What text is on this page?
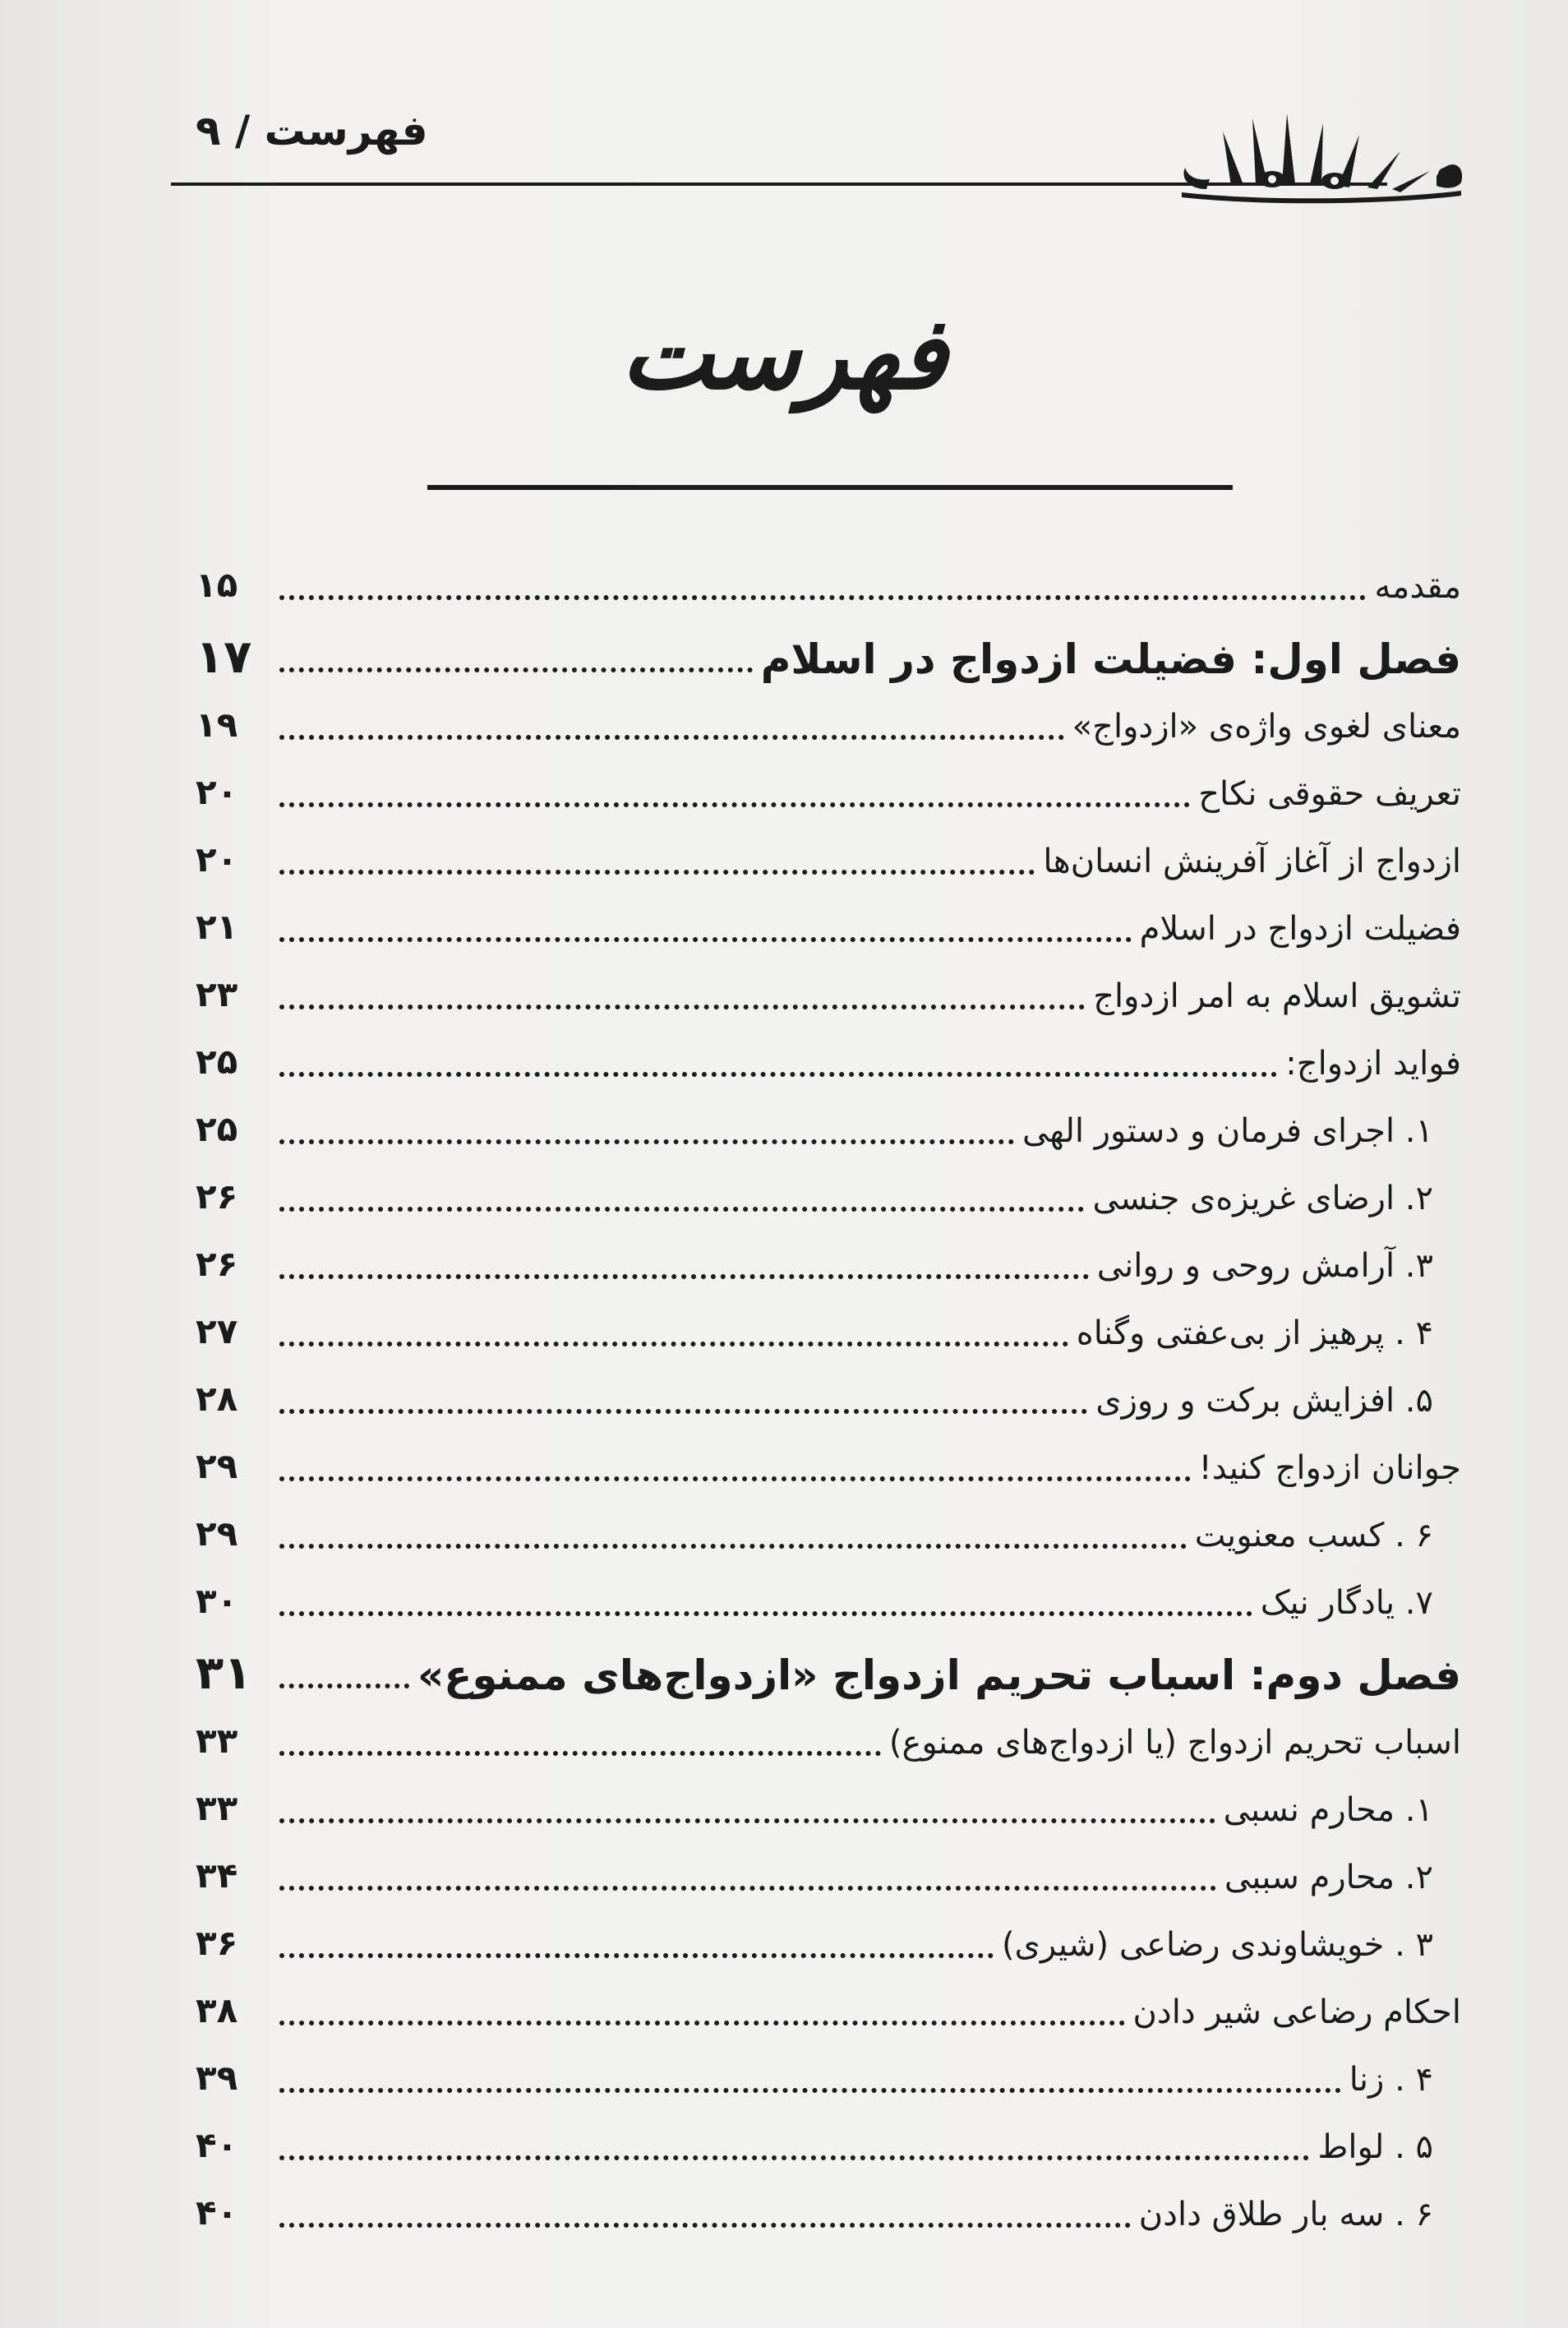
فهرست / ۹
فهرست
مقدمه
۱۵
فصل اول: فضیلت ازدواج در اسلام
۱۷
معنای لغوی واژه‌ی «ازدواج»
۱۹
تعریف حقوقی نکاح
۲۰
ازدواج از آغاز آفرینش انسان‌ها
۲۰
فضیلت ازدواج در اسلام
۲۱
تشویق اسلام به امر ازدواج
۲۳
فواید ازدواج:
۲۵
۱. اجرای فرمان و دستور الهی
۲۵
۲. ارضای غریزه‌ی جنسی
۲۶
۳. آرامش روحی و روانی
۲۶
۴ . پرهیز از بی‌عفتی وگناه
۲۷
۵. افزایش برکت و روزی
۲۸
جوانان ازدواج کنید!
۲۹
۶ . کسب معنویت
۲۹
۷. یادگار نیک
۳۰
فصل دوم: اسباب تحریم ازدواج «ازدواج‌های ممنوع»
۳۱
اسباب تحریم ازدواج (یا ازدواج‌های ممنوع)
۳۳
۱. محارم نسبی
۳۳
۲. محارم سببی
۳۴
۳ . خویشاوندی رضاعی (شیری)
۳۶
احکام رضاعی شیر دادن
۳۸
۴ . زنا
۳۹
۵ . لواط
۴۰
۶ . سه بار طلاق دادن
۴۰
